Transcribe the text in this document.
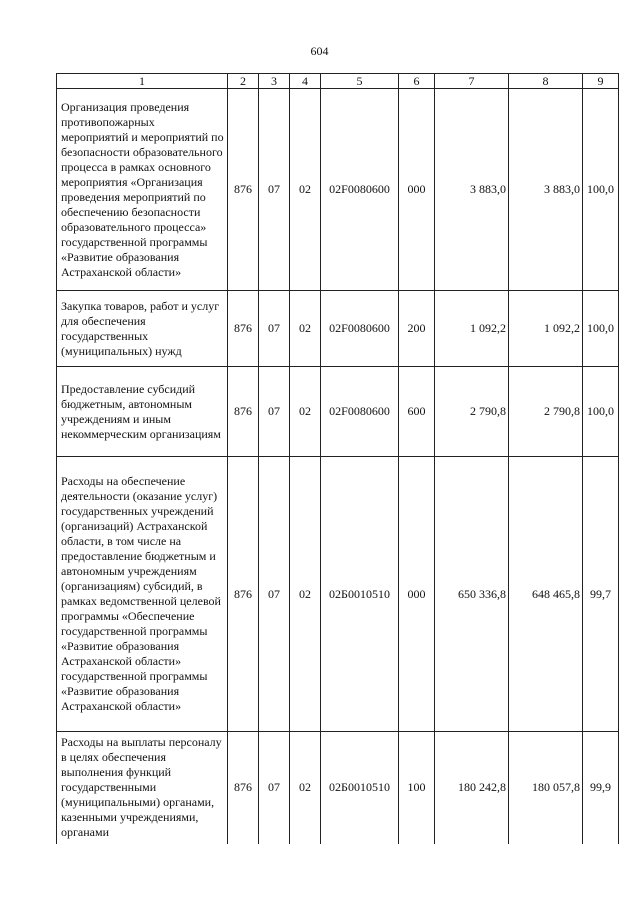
604
1	2	3	4	5	6	7	8	9

Организация проведения противопожарных мероприятий и мероприятий по безопасности образовательного процесса в рамках основного мероприятия «Организация проведения мероприятий по обеспечению безопасности образовательного процесса» государственной программы «Развитие образования Астраханской области»	876	07	02	02F0080600	000	3 883,0	3 883,0	100,0

Закупка товаров, работ и услуг для обеспечения государственных (муниципальных) нужд	876	07	02	02F0080600	200	1 092,2	1 092,2	100,0

Предоставление субсидий бюджетным, автономным учреждениям и иным некоммерческим организациям	876	07	02	02F0080600	600	2 790,8	2 790,8	100,0

Расходы на обеспечение деятельности (оказание услуг) государственных учреждений (организаций) Астраханской области, в том числе на предоставление бюджетным и автономным учреждениям (организациям) субсидий, в рамках ведомственной целевой программы «Обеспечение государственной программы «Развитие образования Астраханской области» государственной программы «Развитие образования Астраханской области»	876	07	02	02Б0010510	000	650 336,8	648 465,8	99,7

Расходы на выплаты персоналу в целях обеспечения выполнения функций государственными (муниципальными) органами, казенными учреждениями, органами	876	07	02	02Б0010510	100	180 242,8	180 057,8	99,9
